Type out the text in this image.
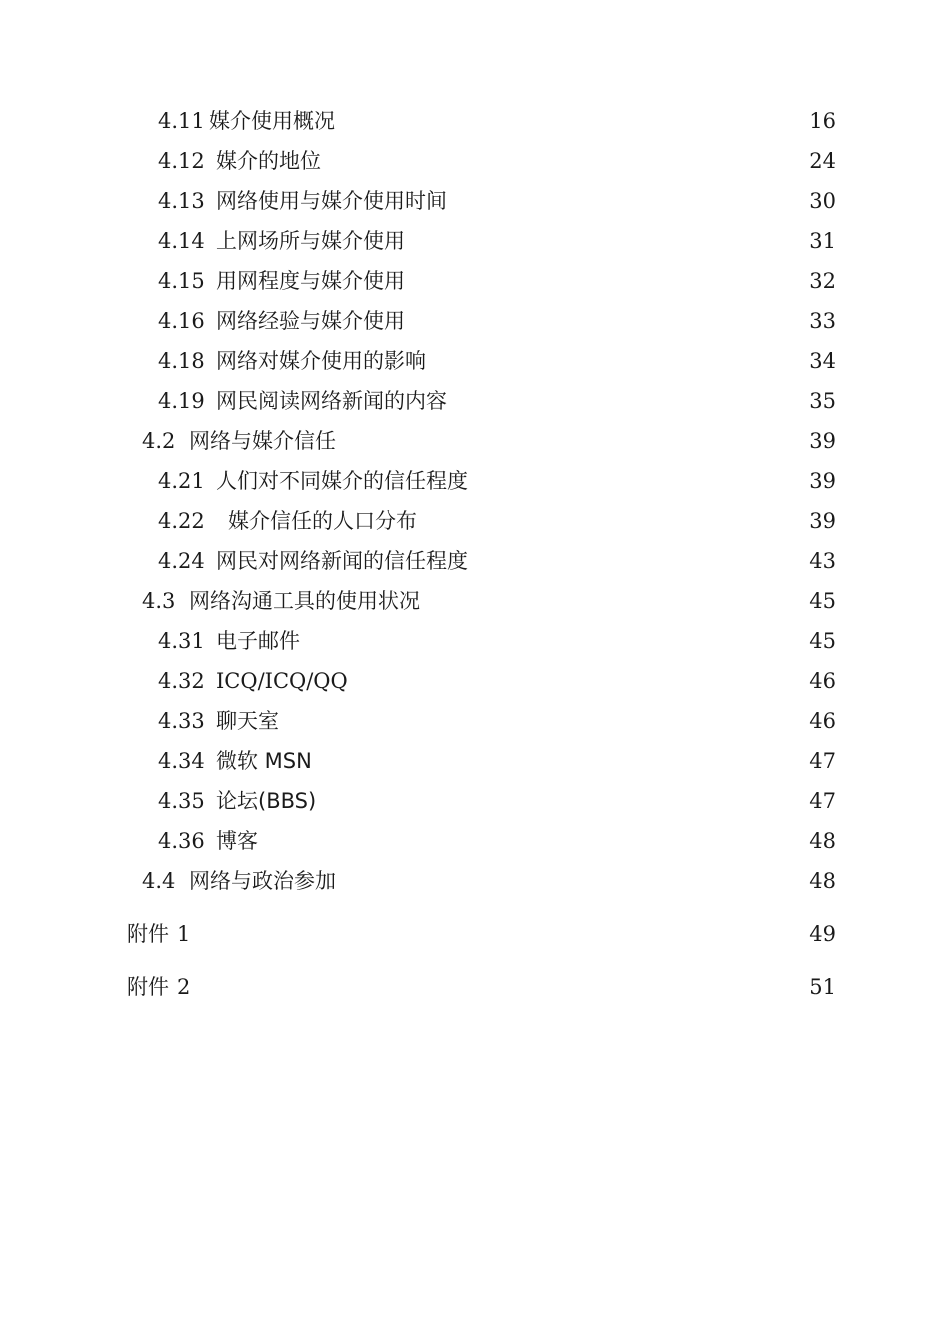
4.11 媒介使用概况	16
4.12 媒介的地位	24
4.13 网络使用与媒介使用时间	30
4.14 上网场所与媒介使用	31
4.15 用网程度与媒介使用	32
4.16 网络经验与媒介使用	33
4.18 网络对媒介使用的影响	34
4.19 网民阅读网络新闻的内容	35
4.2 网络与媒介信任	39
4.21 人们对不同媒介的信任程度	39
4.22 媒介信任的人口分布	39
4.24 网民对网络新闻的信任程度	43
4.3 网络沟通工具的使用状况	45
4.31 电子邮件	45
4.32 ICQ/ICQ/QQ	46
4.33 聊天室	46
4.34 微软 MSN	47
4.35 论坛(BBS)	47
4.36 博客	48
4.4 网络与政治参加	48
附件 1	49
附件 2	51
